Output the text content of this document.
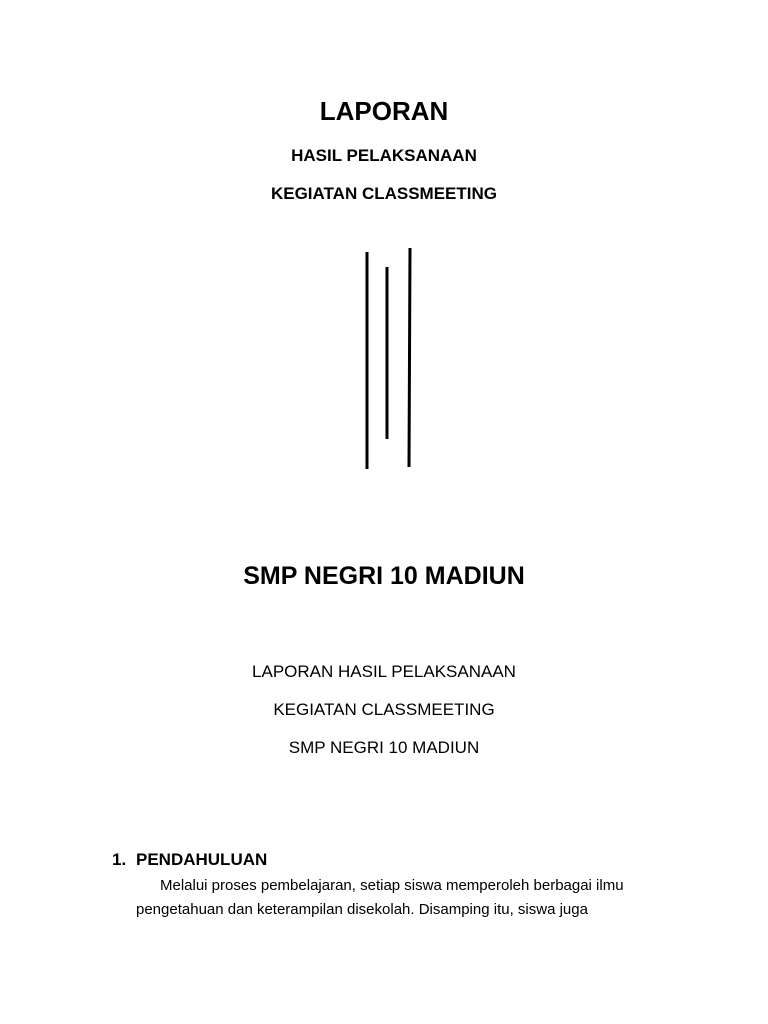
LAPORAN
HASIL PELAKSANAAN
KEGIATAN CLASSMEETING
SMP NEGRI 10 MADIUN
LAPORAN HASIL PELAKSANAAN
KEGIATAN CLASSMEETING
SMP NEGRI 10 MADIUN
1. PENDAHULUAN
Melalui proses pembelajaran, setiap siswa memperoleh berbagai ilmu
pengetahuan dan keterampilan disekolah. Disamping itu, siswa juga
